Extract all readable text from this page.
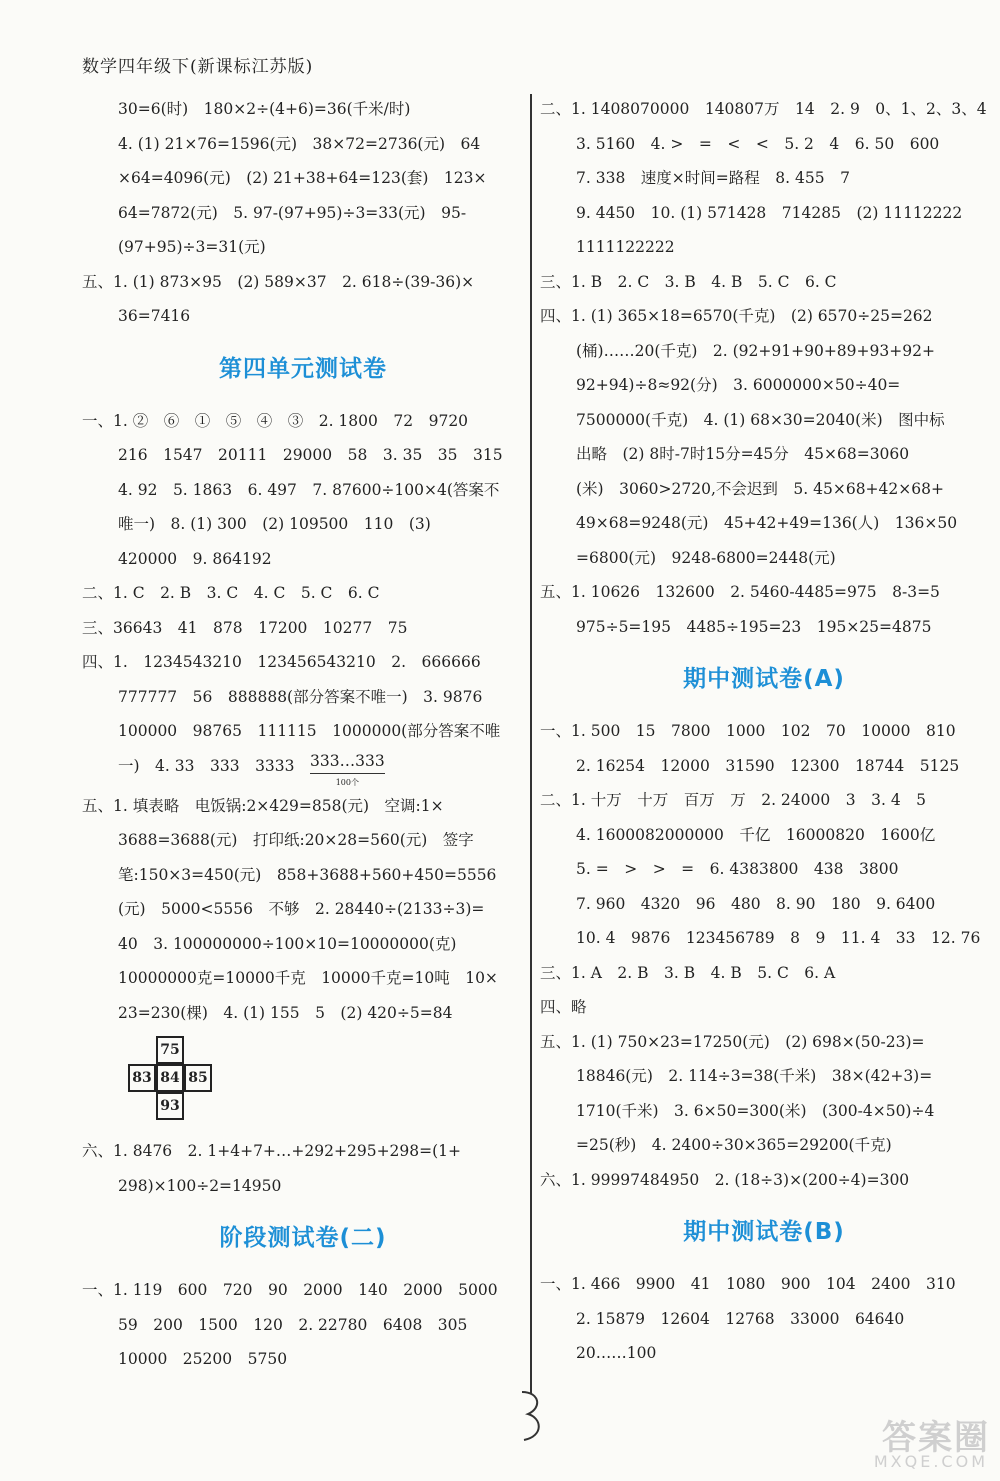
数学四年级下(新课标江苏版)
30=6(时)　180×2÷(4+6)=36(千米/时)
4. (1) 21×76=1596(元)　38×72=2736(元)　64
×64=4096(元)　(2) 21+38+64=123(套)　123×
64=7872(元)　5. 97-(97+95)÷3=33(元)　95-
(97+95)÷3=31(元)
五、1. (1) 873×95　(2) 589×37　2. 618÷(39-36)×
36=7416
第四单元测试卷
一、1. ②　⑥　①　⑤　④　③　2. 1800　72　9720
216　1547　20111　29000　58　3. 35　35　315
4. 92　5. 1863　6. 497　7. 87600÷100×4(答案不
唯一)　8. (1) 300　(2) 109500　110　(3)
420000　9. 864192
二、1. C　2. B　3. C　4. C　5. C　6. C
三、36643　41　878　17200　10277　75
四、1.　1234543210　123456543210　2.　666666
777777　56　888888(部分答案不唯一)　3. 9876
100000　98765　111115　1000000(部分答案不唯
一)　4. 33　333　3333　 333…333
100个
五、1. 填表略　电饭锅:2×429=858(元)　空调:1×
3688=3688(元)　打印纸:20×28=560(元)　签字
笔:150×3=450(元)　858+3688+560+450=5556
(元)　5000<5556　不够　2. 28440÷(2133÷3)=
40　3. 100000000÷100×10=10000000(克)
10000000克=10000千克　10000千克=10吨　10×
23=230(棵)　4. (1) 155　5　(2) 420÷5=84
75
83 84 85
93
六、1. 8476　2. 1+4+7+…+292+295+298=(1+
298)×100÷2=14950
阶段测试卷(二)
一、1. 119　600　720　90　2000　140　2000　5000
59　200　1500　120　2. 22780　6408　305
10000　25200　5750
二、1. 1408070000　140807万　14　2. 9　0、1、2、3、4
3. 5160　4. >　=　<　<　5. 2　4　6. 50　600
7. 338　速度×时间=路程　8. 455　7
9. 4450　10. (1) 571428　714285　(2) 11112222
1111122222
三、1. B　2. C　3. B　4. B　5. C　6. C
四、1. (1) 365×18=6570(千克)　(2) 6570÷25=262
(桶)……20(千克)　2. (92+91+90+89+93+92+
92+94)÷8≈92(分)　3. 6000000×50÷40=
7500000(千克)　4. (1) 68×30=2040(米)　图中标
出略　(2) 8时-7时15分=45分　45×68=3060
(米)　3060>2720,不会迟到　5. 45×68+42×68+
49×68=9248(元)　45+42+49=136(人)　136×50
=6800(元)　9248-6800=2448(元)
五、1. 10626　132600　2. 5460-4485=975　8-3=5
975÷5=195　4485÷195=23　195×25=4875
期中测试卷(A)
一、1. 500　15　7800　1000　102　70　10000　810
2. 16254　12000　31590　12300　18744　5125
二、1. 十万　十万　百万　万　2. 24000　3　3. 4　5
4. 1600082000000　千亿　16000820　1600亿
5. =　>　>　=　6. 4383800　438　3800
7. 960　4320　96　480　8. 90　180　9. 6400
10. 4　9876　123456789　8　9　11. 4　33　12. 76
三、1. A　2. B　3. B　4. B　5. C　6. A
四、略
五、1. (1) 750×23=17250(元)　(2) 698×(50-23)=
18846(元)　2. 114÷3=38(千米)　38×(42+3)=
1710(千米)　3. 6×50=300(米)　(300-4×50)÷4
=25(秒)　4. 2400÷30×365=29200(千克)
六、1. 99997484950　2. (18÷3)×(200÷4)=300
期中测试卷(B)
一、1. 466　9900　41　1080　900　104　2400　310
2. 15879　12604　12768　33000　64640
20……100
答案圈
MXQE.COM
